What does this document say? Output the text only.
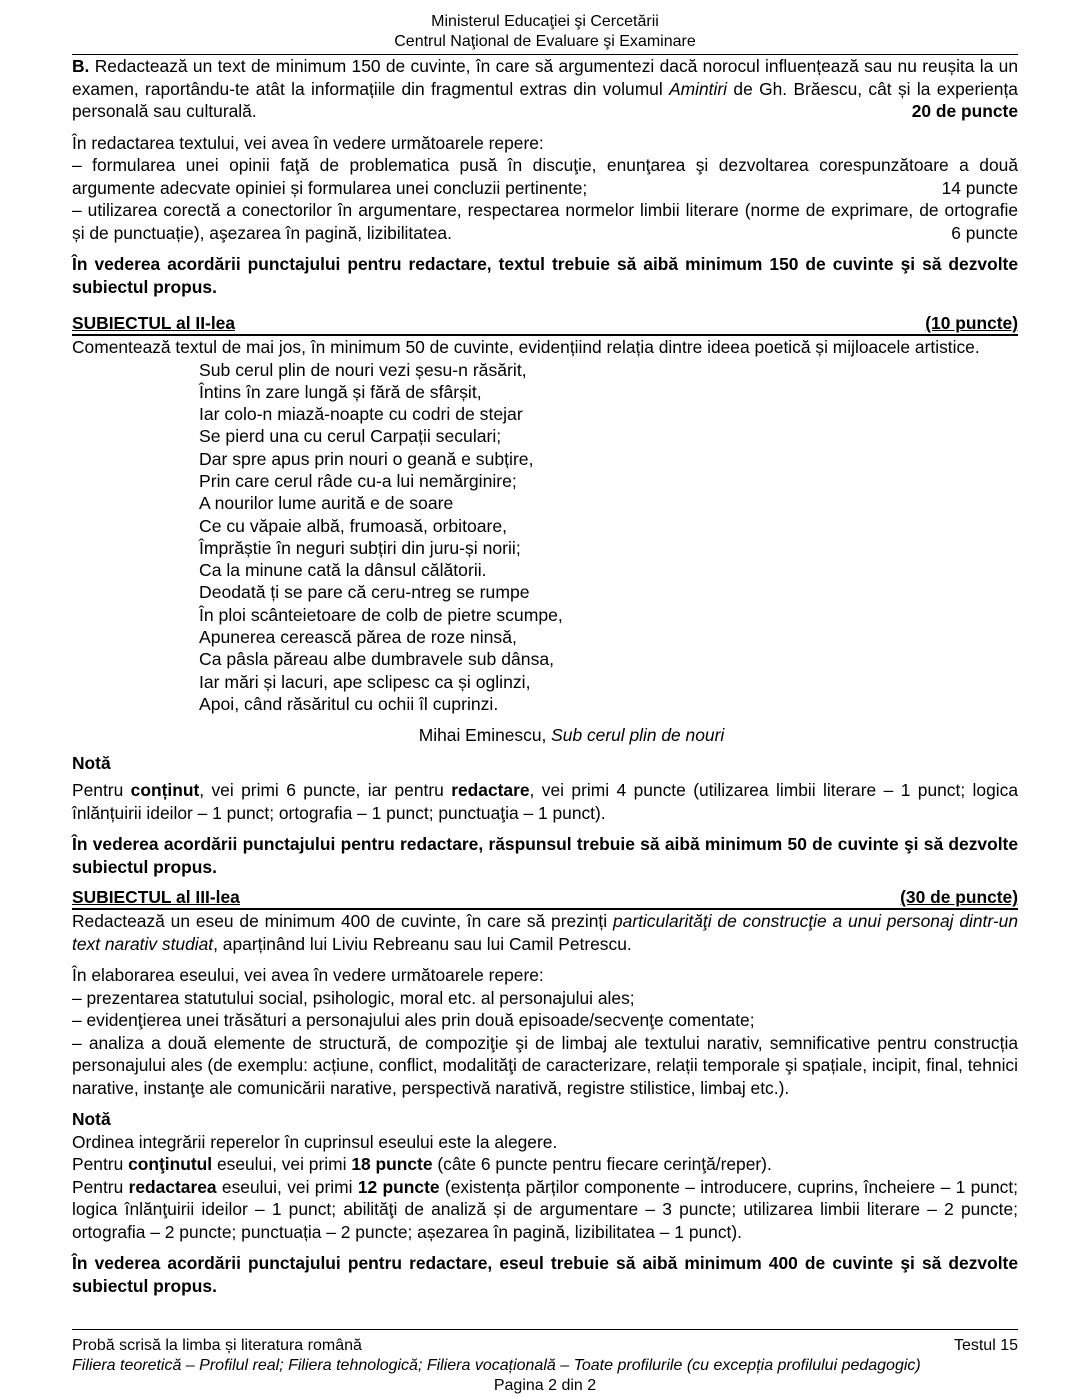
Ministerul Educaţiei şi Cercetării
Centrul Naţional de Evaluare şi Examinare

B. Redactează un text de minimum 150 de cuvinte, în care să argumentezi dacă norocul influențează sau nu reușita la un examen, raportându-te atât la informațiile din fragmentul extras din volumul Amintiri de Gh. Brăescu, cât și la experiența personală sau culturală.	20 de puncte

În redactarea textului, vei avea în vedere următoarele repere:

– formularea unei opinii faţă de problematica pusă în discuţie, enunţarea şi dezvoltarea corespunzătoare a două argumente adecvate opiniei și formularea unei concluzii pertinente;	14 puncte

– utilizarea corectă a conectorilor în argumentare, respectarea normelor limbii literare (norme de exprimare, de ortografie și de punctuație), aşezarea în pagină, lizibilitatea.	6 puncte

În vederea acordării punctajului pentru redactare, textul trebuie să aibă minimum 150 de cuvinte şi să dezvolte subiectul propus.

SUBIECTUL al II-lea	(10 puncte)

Comentează textul de mai jos, în minimum 50 de cuvinte, evidențiind relația dintre ideea poetică și mijloacele artistice.

Sub cerul plin de nouri vezi șesu-n răsărit,
Întins în zare lungă și fără de sfârșit,
Iar colo-n miază-noapte cu codri de stejar
Se pierd una cu cerul Carpații seculari;
Dar spre apus prin nouri o geană e subțire,
Prin care cerul râde cu-a lui nemărginire;
A nourilor lume aurită e de soare
Ce cu văpaie albă, frumoasă, orbitoare,
Împrăștie în neguri subțiri din juru-și norii;
Ca la minune cată la dânsul călătorii.
Deodată ți se pare că ceru-ntreg se rumpe
În ploi scânteietoare de colb de pietre scumpe,
Apunerea cerească părea de roze ninsă,
Ca pâsla păreau albe dumbravele sub dânsa,
Iar mări și lacuri, ape sclipesc ca și oglinzi,
Apoi, când răsăritul cu ochii îl cuprinzi.
Mihai Eminescu, Sub cerul plin de nouri

Notă

Pentru conținut, vei primi 6 puncte, iar pentru redactare, vei primi 4 puncte (utilizarea limbii literare – 1 punct; logica înlănțuirii ideilor – 1 punct; ortografia – 1 punct; punctuaţia – 1 punct).

În vederea acordării punctajului pentru redactare, răspunsul trebuie să aibă minimum 50 de cuvinte şi să dezvolte subiectul propus.

SUBIECTUL al III-lea	(30 de puncte)

Redactează un eseu de minimum 400 de cuvinte, în care să prezinți particularităţi de construcţie a unui personaj dintr-un text narativ studiat, aparținând lui Liviu Rebreanu sau lui Camil Petrescu.

În elaborarea eseului, vei avea în vedere următoarele repere:

– prezentarea statutului social, psihologic, moral etc. al personajului ales;

– evidenţierea unei trăsături a personajului ales prin două episoade/secvenţe comentate;

– analiza a două elemente de structură, de compoziţie şi de limbaj ale textului narativ, semnificative pentru construcția personajului ales (de exemplu: acțiune, conflict, modalităţi de caracterizare, relații temporale şi spațiale, incipit, final, tehnici narative, instanţe ale comunicării narative, perspectivă narativă, registre stilistice, limbaj etc.).

Notă

Ordinea integrării reperelor în cuprinsul eseului este la alegere.

Pentru conţinutul eseului, vei primi 18 puncte (câte 6 puncte pentru fiecare cerinţă/reper).

Pentru redactarea eseului, vei primi 12 puncte (existența părților componente – introducere, cuprins, încheiere – 1 punct; logica înlănţuirii ideilor – 1 punct; abilităţi de analiză și de argumentare – 3 puncte; utilizarea limbii literare – 2 puncte; ortografia – 2 puncte; punctuația – 2 puncte; așezarea în pagină, lizibilitatea – 1 punct).

În vederea acordării punctajului pentru redactare, eseul trebuie să aibă minimum 400 de cuvinte şi să dezvolte subiectul propus.

Probă scrisă la limba și literatura română	Testul 15
Filiera teoretică – Profilul real; Filiera tehnologică; Filiera vocațională – Toate profilurile (cu excepția profilului pedagogic)
Pagina 2 din 2
